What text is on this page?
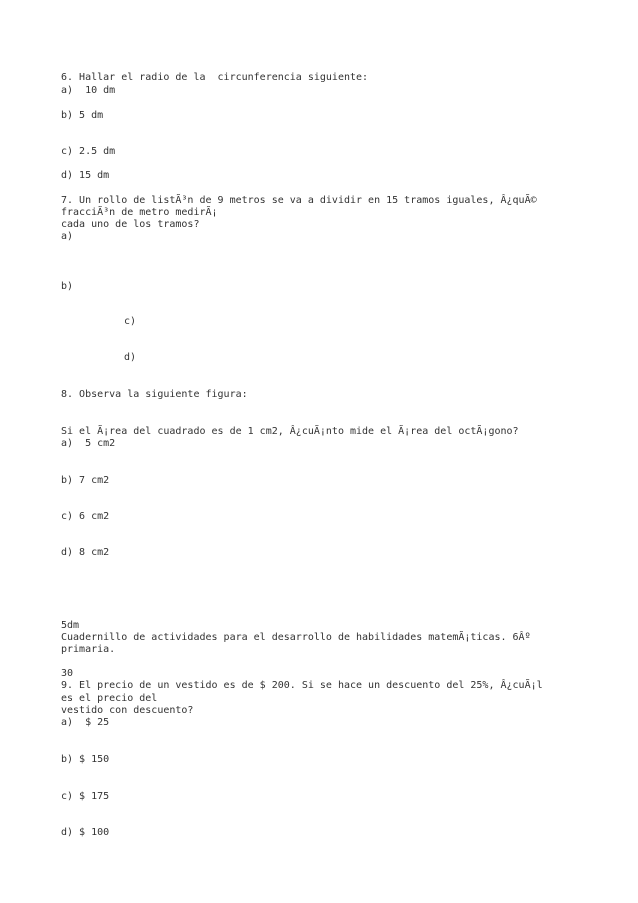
6. Hallar el radio de la  circunferencia siguiente:

a)  10 dm

b) 5 dm

c) 2.5 dm

d) 15 dm

7. Un rollo de listÃ³n de 9 metros se va a dividir en 15 tramos iguales, Â¿quÃ©

fracciÃ³n de metro medirÃ¡

cada uno de los tramos?

a)

b)

c)

d)

8. Observa la siguiente figura:

Si el Ã¡rea del cuadrado es de 1 cm2, Â¿cuÃ¡nto mide el Ã¡rea del octÃ¡gono?

a)  5 cm2

b) 7 cm2

c) 6 cm2

d) 8 cm2

5dm

Cuadernillo de actividades para el desarrollo de habilidades matemÃ¡ticas. 6Âº

primaria.

30

9. El precio de un vestido es de $ 200. Si se hace un descuento del 25%, Â¿cuÃ¡l

es el precio del

vestido con descuento?

a)  $ 25

b) $ 150

c) $ 175

d) $ 100
